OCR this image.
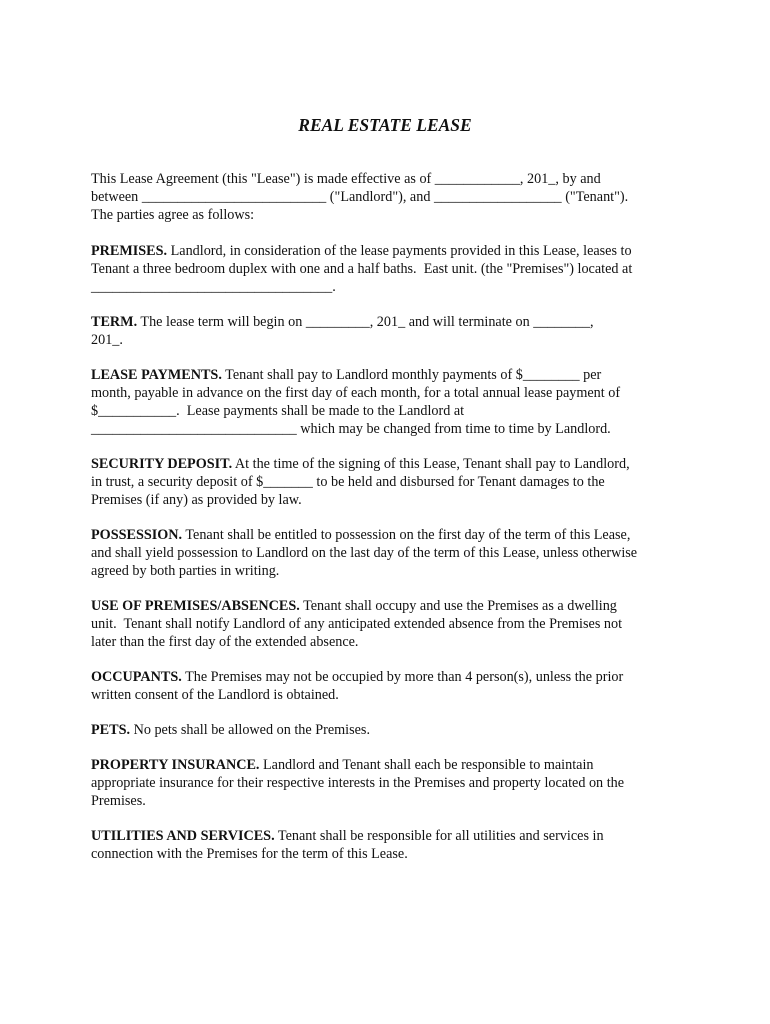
REAL ESTATE LEASE

This Lease Agreement (this "Lease") is made effective as of ____________, 201_, by and
between __________________________ ("Landlord"), and __________________ ("Tenant").
The parties agree as follows:

PREMISES. Landlord, in consideration of the lease payments provided in this Lease, leases to
Tenant a three bedroom duplex with one and a half baths.  East unit. (the "Premises") located at
__________________________________.

TERM. The lease term will begin on _________, 201_ and will terminate on ________,
201_.

LEASE PAYMENTS. Tenant shall pay to Landlord monthly payments of $________ per
month, payable in advance on the first day of each month, for a total annual lease payment of
$___________.  Lease payments shall be made to the Landlord at
_____________________________ which may be changed from time to time by Landlord.

SECURITY DEPOSIT. At the time of the signing of this Lease, Tenant shall pay to Landlord,
in trust, a security deposit of $_______ to be held and disbursed for Tenant damages to the
Premises (if any) as provided by law.

POSSESSION. Tenant shall be entitled to possession on the first day of the term of this Lease,
and shall yield possession to Landlord on the last day of the term of this Lease, unless otherwise
agreed by both parties in writing.

USE OF PREMISES/ABSENCES. Tenant shall occupy and use the Premises as a dwelling
unit.  Tenant shall notify Landlord of any anticipated extended absence from the Premises not
later than the first day of the extended absence.

OCCUPANTS. The Premises may not be occupied by more than 4 person(s), unless the prior
written consent of the Landlord is obtained.

PETS. No pets shall be allowed on the Premises.

PROPERTY INSURANCE. Landlord and Tenant shall each be responsible to maintain
appropriate insurance for their respective interests in the Premises and property located on the
Premises.

UTILITIES AND SERVICES. Tenant shall be responsible for all utilities and services in
connection with the Premises for the term of this Lease.
